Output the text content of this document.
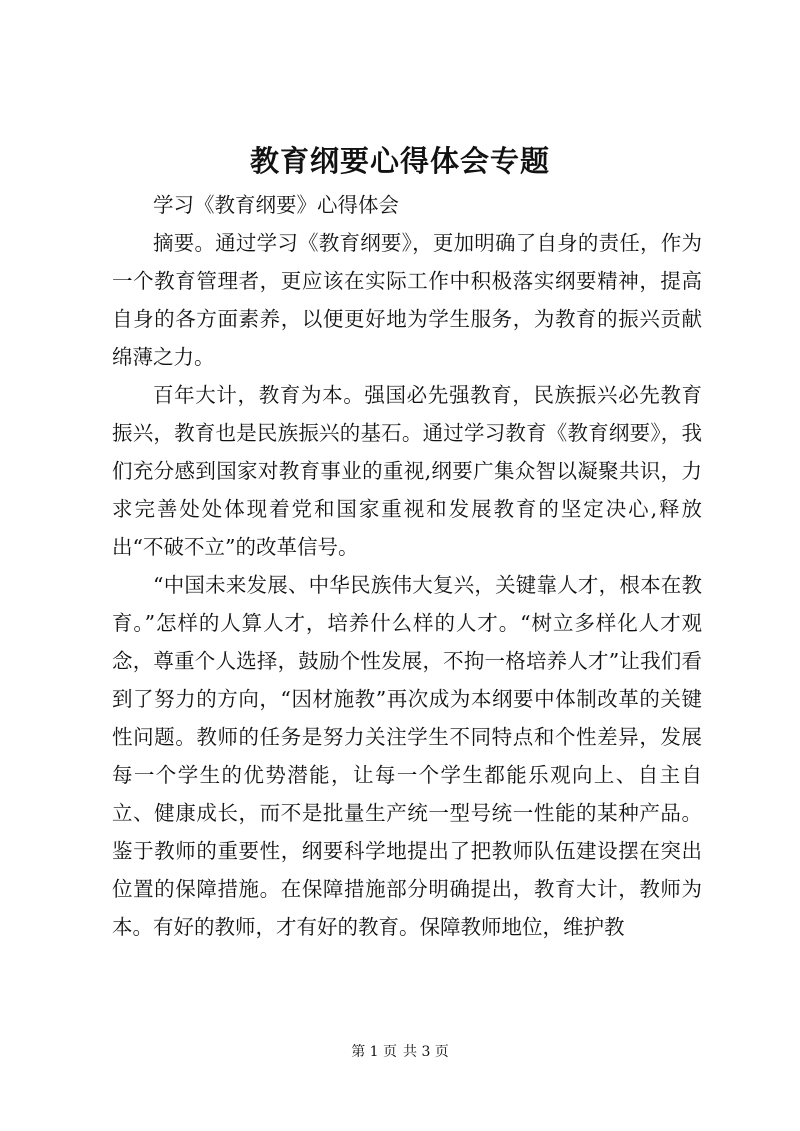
教育纲要心得体会专题

学习《教育纲要》心得体会

摘要。通过学习《教育纲要》，更加明确了自身的责任，作为一个教育管理者，更应该在实际工作中积极落实纲要精神，提高自身的各方面素养，以便更好地为学生服务，为教育的振兴贡献绵薄之力。

百年大计，教育为本。强国必先强教育，民族振兴必先教育振兴，教育也是民族振兴的基石。通过学习教育《教育纲要》，我们充分感到国家对教育事业的重视,纲要广集众智以凝聚共识，力求完善处处体现着党和国家重视和发展教育的坚定决心,释放出“不破不立”的改革信号。

“中国未来发展、中华民族伟大复兴，关键靠人才，根本在教育。”怎样的人算人才，培养什么样的人才。“树立多样化人才观念，尊重个人选择，鼓励个性发展，不拘一格培养人才”让我们看到了努力的方向，“因材施教”再次成为本纲要中体制改革的关键性问题。教师的任务是努力关注学生不同特点和个性差异，发展每一个学生的优势潜能，让每一个学生都能乐观向上、自主自立、健康成长，而不是批量生产统一型号统一性能的某种产品。鉴于教师的重要性，纲要科学地提出了把教师队伍建设摆在突出位置的保障措施。在保障措施部分明确提出，教育大计，教师为本。有好的教师，才有好的教育。保障教师地位，维护教

第 1 页 共 3 页
